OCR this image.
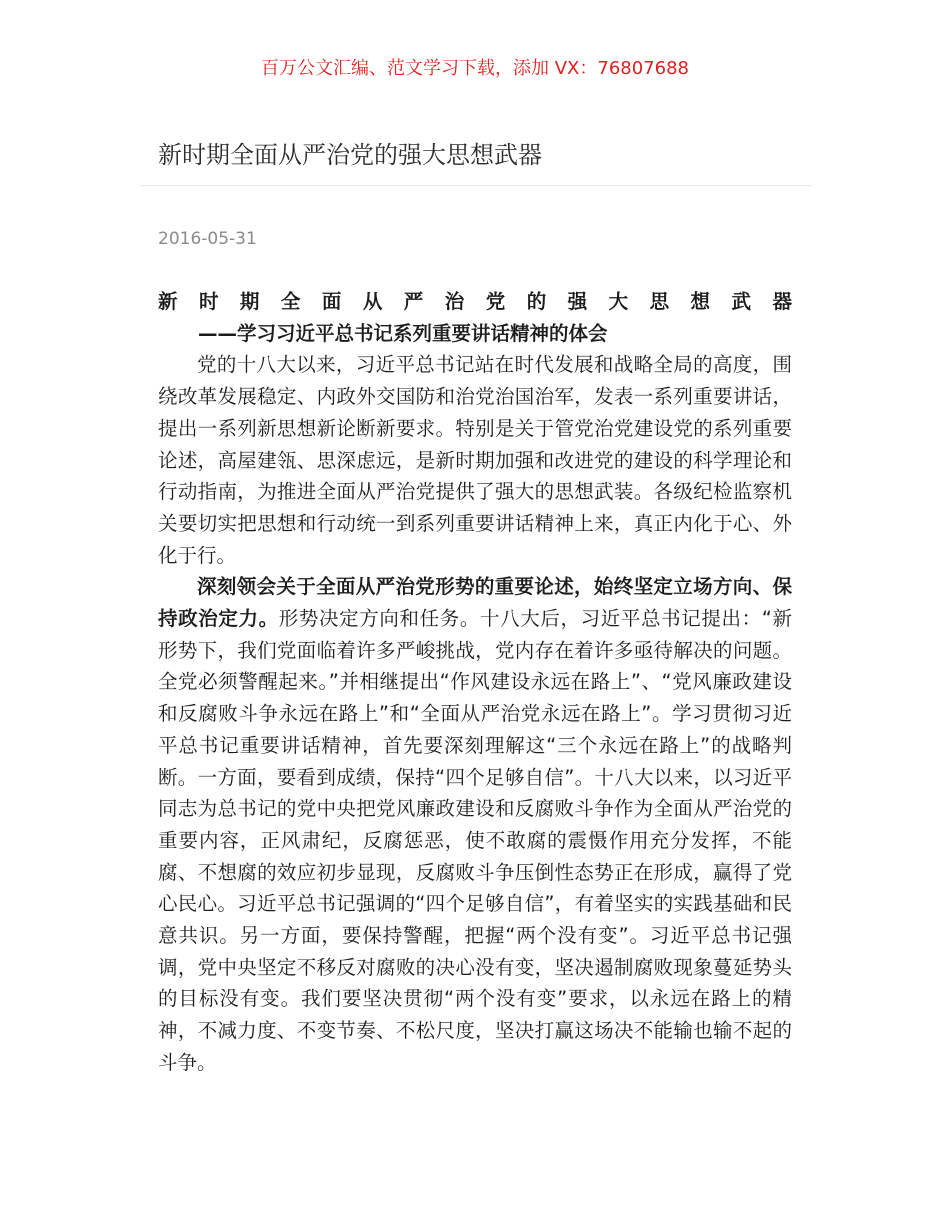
百万公文汇编、范文学习下载，添加 VX：76807688
新时期全面从严治党的强大思想武器
2016-05-31

新时期全面从严治党的强大思想武器

——学习习近平总书记系列重要讲话精神的体会

党的十八大以来，习近平总书记站在时代发展和战略全局的高度，围绕改革发展稳定、内政外交国防和治党治国治军，发表一系列重要讲话，提出一系列新思想新论断新要求。特别是关于管党治党建设党的系列重要论述，高屋建瓴、思深虑远，是新时期加强和改进党的建设的科学理论和行动指南，为推进全面从严治党提供了强大的思想武装。各级纪检监察机关要切实把思想和行动统一到系列重要讲话精神上来，真正内化于心、外化于行。

深刻领会关于全面从严治党形势的重要论述，始终坚定立场方向、保持政治定力。形势决定方向和任务。十八大后，习近平总书记提出：“新形势下，我们党面临着许多严峻挑战，党内存在着许多亟待解决的问题。全党必须警醒起来。”并相继提出“作风建设永远在路上”、“党风廉政建设和反腐败斗争永远在路上”和“全面从严治党永远在路上”。学习贯彻习近平总书记重要讲话精神，首先要深刻理解这“三个永远在路上”的战略判断。一方面，要看到成绩，保持“四个足够自信”。十八大以来，以习近平同志为总书记的党中央把党风廉政建设和反腐败斗争作为全面从严治党的重要内容，正风肃纪，反腐惩恶，使不敢腐的震慑作用充分发挥，不能腐、不想腐的效应初步显现，反腐败斗争压倒性态势正在形成，赢得了党心民心。习近平总书记强调的“四个足够自信”，有着坚实的实践基础和民意共识。另一方面，要保持警醒，把握“两个没有变”。习近平总书记强调，党中央坚定不移反对腐败的决心没有变，坚决遏制腐败现象蔓延势头的目标没有变。我们要坚决贯彻“两个没有变”要求，以永远在路上的精神，不减力度、不变节奏、不松尺度，坚决打赢这场决不能输也输不起的斗争。
